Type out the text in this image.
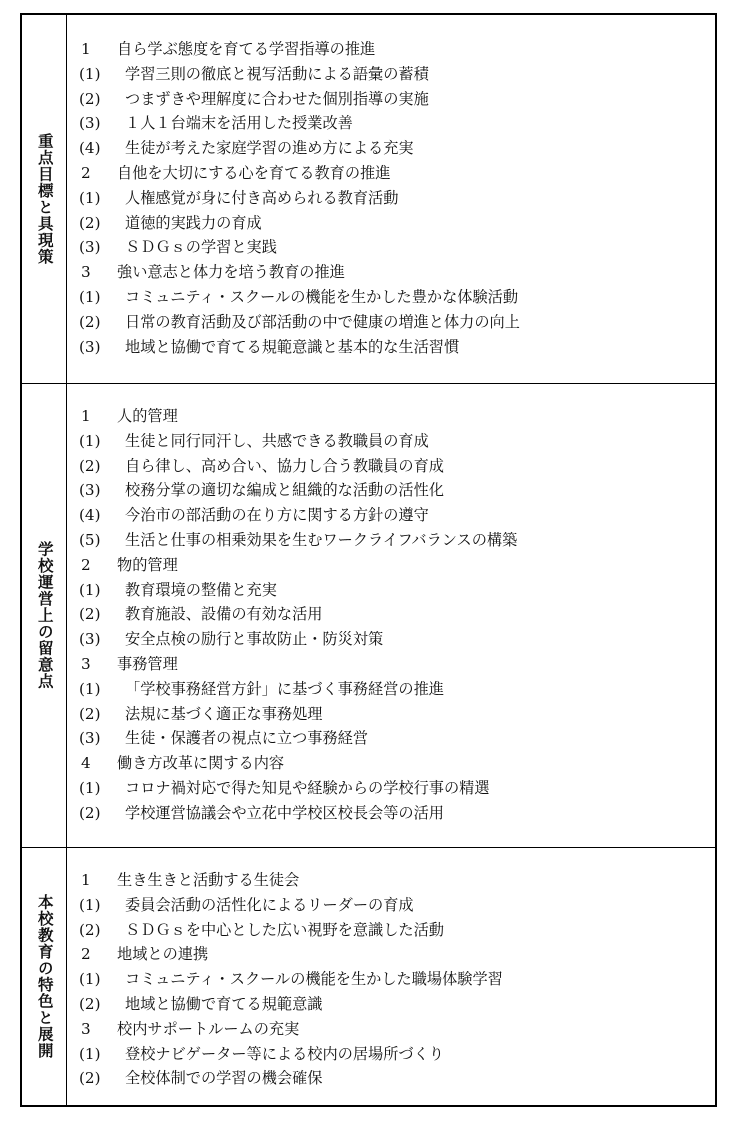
重点目標と具現策
1	自ら学ぶ態度を育てる学習指導の推進
(1)	学習三則の徹底と視写活動による語彙の蓄積
(2)	つまずきや理解度に合わせた個別指導の実施
(3)	１人１台端末を活用した授業改善
(4)	生徒が考えた家庭学習の進め方による充実
2	自他を大切にする心を育てる教育の推進
(1)	人権感覚が身に付き高められる教育活動
(2)	道徳的実践力の育成
(3)	ＳＤＧｓの学習と実践
3	強い意志と体力を培う教育の推進
(1)	コミュニティ・スクールの機能を生かした豊かな体験活動
(2)	日常の教育活動及び部活動の中で健康の増進と体力の向上
(3)	地域と協働で育てる規範意識と基本的な生活習慣
学校運営上の留意点
1	人的管理
(1)	生徒と同行同汗し、共感できる教職員の育成
(2)	自ら律し、高め合い、協力し合う教職員の育成
(3)	校務分掌の適切な編成と組織的な活動の活性化
(4)	今治市の部活動の在り方に関する方針の遵守
(5)	生活と仕事の相乗効果を生むワークライフバランスの構築
2	物的管理
(1)	教育環境の整備と充実
(2)	教育施設、設備の有効な活用
(3)	安全点検の励行と事故防止・防災対策
3	事務管理
(1)	「学校事務経営方針」に基づく事務経営の推進
(2)	法規に基づく適正な事務処理
(3)	生徒・保護者の視点に立つ事務経営
4	働き方改革に関する内容
(1)	コロナ禍対応で得た知見や経験からの学校行事の精選
(2)	学校運営協議会や立花中学校区校長会等の活用
本校教育の特色と展開
1	生き生きと活動する生徒会
(1)	委員会活動の活性化によるリーダーの育成
(2)	ＳＤＧｓを中心とした広い視野を意識した活動
2	地域との連携
(1)	コミュニティ・スクールの機能を生かした職場体験学習
(2)	地域と協働で育てる規範意識
3	校内サポートルームの充実
(1)	登校ナビゲーター等による校内の居場所づくり
(2)	全校体制での学習の機会確保
